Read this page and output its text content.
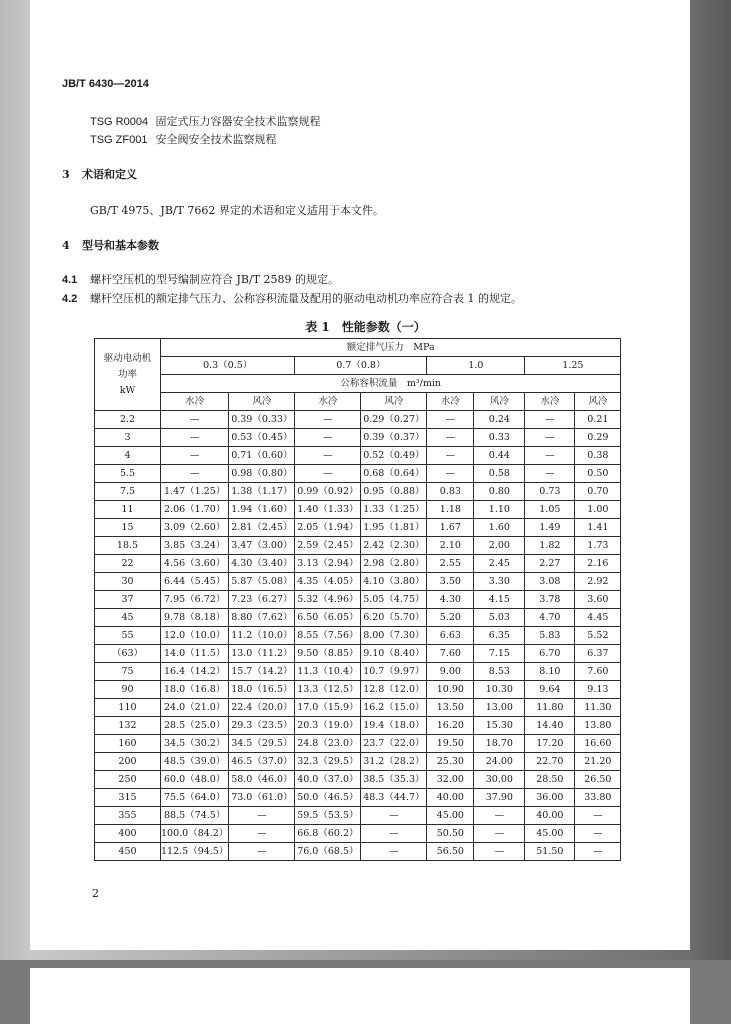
JB/T 6430—2014
TSG R0004 固定式压力容器安全技术监察规程
TSG ZF001 安全阀安全技术监察规程
3 术语和定义
GB/T 4975、JB/T 7662 界定的术语和定义适用于本文件。
4 型号和基本参数
4.1 螺杆空压机的型号编制应符合 JB/T 2589 的规定。
4.2 螺杆空压机的额定排气压力、公称容积流量及配用的驱动电动机功率应符合表 1 的规定。
表 1　性能参数（一）
驱动电动机
功率
kW	额定排气压力　MPa							
	0.3（0.5）		0.7（0.8）		1.0		1.25	
	公称容积流量　m³/min							
	水冷	风冷	水冷	风冷	水冷	风冷	水冷	风冷
2.2	—	0.39（0.33）	—	0.29（0.27）	—	0.24	—	0.21
3	—	0.53（0.45）	—	0.39（0.37）	—	0.33	—	0.29
4	—	0.71（0.60）	—	0.52（0.49）	—	0.44	—	0.38
5.5	—	0.98（0.80）	—	0.68（0.64）	—	0.58	—	0.50
7.5	1.47（1.25）	1.38（1.17）	0.99（0.92）	0.95（0.88）	0.83	0.80	0.73	0.70
11	2.06（1.70）	1.94（1.60）	1.40（1.33）	1.33（1.25）	1.18	1.10	1.05	1.00
15	3.09（2.60）	2.81（2.45）	2.05（1.94）	1.95（1.81）	1.67	1.60	1.49	1.41
18.5	3.85（3.24）	3.47（3.00）	2.59（2.45）	2.42（2.30）	2.10	2.00	1.82	1.73
22	4.56（3.60）	4.30（3.40）	3.13（2.94）	2.98（2.80）	2.55	2.45	2.27	2.16
30	6.44（5.45）	5.87（5.08）	4.35（4.05）	4.10（3.80）	3.50	3.30	3.08	2.92
37	7.95（6.72）	7.23（6.27）	5.32（4.96）	5.05（4.75）	4.30	4.15	3.78	3.60
45	9.78（8.18）	8.80（7.62）	6.50（6.05）	6.20（5.70）	5.20	5.03	4.70	4.45
55	12.0（10.0）	11.2（10.0）	8.55（7.56）	8.00（7.30）	6.63	6.35	5.83	5.52
（63）	14.0（11.5）	13.0（11.2）	9.50（8.85）	9.10（8.40）	7.60	7.15	6.70	6.37
75	16.4（14.2）	15.7（14.2）	11.3（10.4）	10.7（9.97）	9.00	8.53	8.10	7.60
90	18.0（16.8）	18.0（16.5）	13.3（12.5）	12.8（12.0）	10.90	10.30	9.64	9.13
110	24.0（21.0）	22.4（20.0）	17.0（15.9）	16.2（15.0）	13.50	13.00	11.80	11.30
132	28.5（25.0）	29.3（23.5）	20.3（19.0）	19.4（18.0）	16.20	15.30	14.40	13.80
160	34.5（30.2）	34.5（29.5）	24.8（23.0）	23.7（22.0）	19.50	18.70	17.20	16.60
200	48.5（39.0）	46.5（37.0）	32.3（29.5）	31.2（28.2）	25.30	24.00	22.70	21.20
250	60.0（48.0）	58.0（46.0）	40.0（37.0）	38.5（35.3）	32.00	30.00	28.50	26.50
315	75.5（64.0）	73.0（61.0）	50.0（46.5）	48.3（44.7）	40.00	37.90	36.00	33.80
355	88.5（74.5）	—	59.5（53.5）	—	45.00	—	40.00	—
400	100.0（84.2）	—	66.8（60.2）	—	50.50	—	45.00	—
450	112.5（94.5）	—	76.0（68.5）	—	56.50	—	51.50	—
2
